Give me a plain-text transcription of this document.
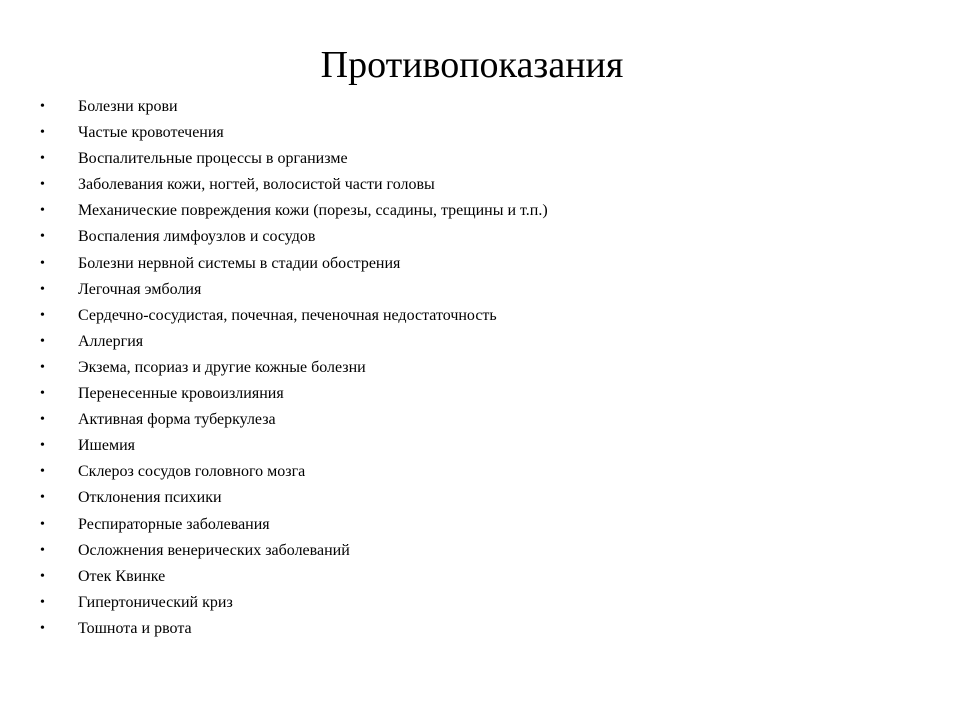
Противопоказания
•	Болезни крови
•	Частые кровотечения
•	Воспалительные процессы в организме
•	Заболевания кожи, ногтей, волосистой части головы
•	Механические повреждения кожи (порезы, ссадины, трещины и т.п.)
•	Воспаления лимфоузлов и сосудов
•	Болезни нервной системы в стадии обострения
•	Легочная эмболия
•	Сердечно-сосудистая, почечная, печеночная недостаточность
•	Аллергия
•	Экзема, псориаз и другие кожные болезни
•	Перенесенные кровоизлияния
•	Активная форма туберкулеза
•	Ишемия
•	Склероз сосудов головного мозга
•	Отклонения психики
•	Респираторные заболевания
•	Осложнения венерических заболеваний
•	Отек Квинке
•	Гипертонический криз
•	Тошнота и рвота
